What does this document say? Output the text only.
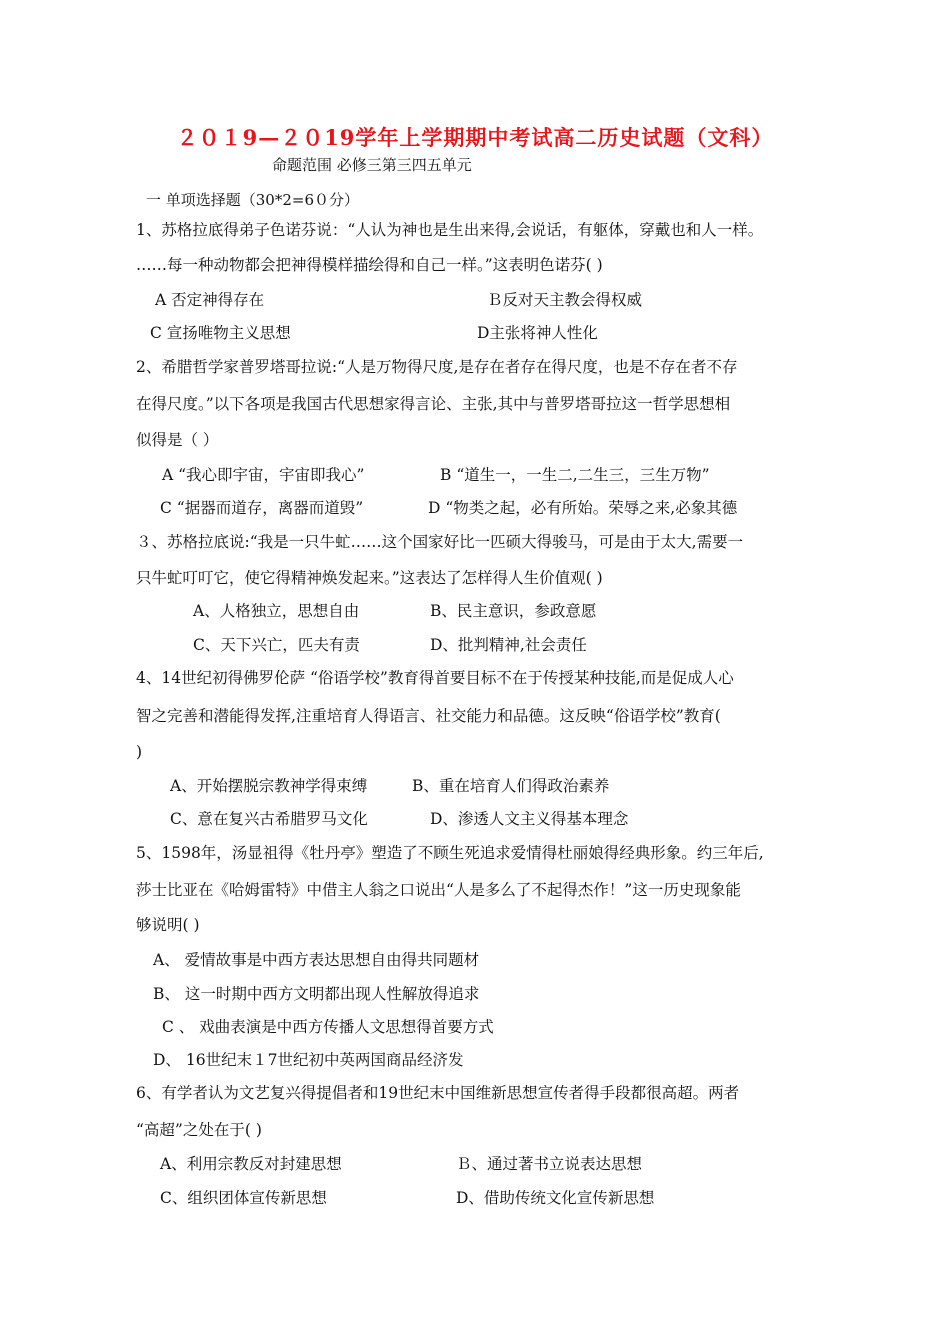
２０１9—２０19学年上学期期中考试高二历史试题（文科）
命题范围 必修三第三四五单元
一 单项选择题（30*2=6０分）
1、苏格拉底得弟子色诺芬说：“人认为神也是生出来得,会说话，有躯体，穿戴也和人一样。
……每一种动物都会把神得模样描绘得和自己一样。”这表明色诺芬( )
A 否定神得存在	Ｂ反对天主教会得权威
C 宣扬唯物主义思想	D主张将神人性化
2、希腊哲学家普罗塔哥拉说:“人是万物得尺度,是存在者存在得尺度，也是不存在者不存
在得尺度。”以下各项是我国古代思想家得言论、主张,其中与普罗塔哥拉这一哲学思想相
似得是（ ）
A “我心即宇宙，宇宙即我心”	B “道生一，一生二,二生三，三生万物”
C “据器而道存，离器而道毁”	D “物类之起，必有所始。荣辱之来,必象其德
３、苏格拉底说:“我是一只牛虻……这个国家好比一匹硕大得骏马，可是由于太大,需要一
只牛虻叮叮它，使它得精神焕发起来。”这表达了怎样得人生价值观( )
A、人格独立，思想自由	B、民主意识，参政意愿
C、天下兴亡，匹夫有责	D、批判精神,社会责任
4、14世纪初得佛罗伦萨 “俗语学校”教育得首要目标不在于传授某种技能,而是促成人心
智之完善和潜能得发挥,注重培育人得语言、社交能力和品德。这反映“俗语学校”教育(
)
A、开始摆脱宗教神学得束缚	B、重在培育人们得政治素养
C、意在复兴古希腊罗马文化	D、渗透人文主义得基本理念
5、1598年，汤显祖得《牡丹亭》塑造了不顾生死追求爱情得杜丽娘得经典形象。约三年后,
莎士比亚在《哈姆雷特》中借主人翁之口说出“人是多么了不起得杰作！”这一历史现象能
够说明( )
A、 爱情故事是中西方表达思想自由得共同题材
B、 这一时期中西方文明都出现人性解放得追求
C 、 戏曲表演是中西方传播人文思想得首要方式
D、 16世纪末１7世纪初中英两国商品经济发
6、有学者认为文艺复兴得提倡者和19世纪末中国维新思想宣传者得手段都很高超。两者
“高超”之处在于( )
A、利用宗教反对封建思想	Ｂ、通过著书立说表达思想
C、组织团体宣传新思想	D、借助传统文化宣传新思想
